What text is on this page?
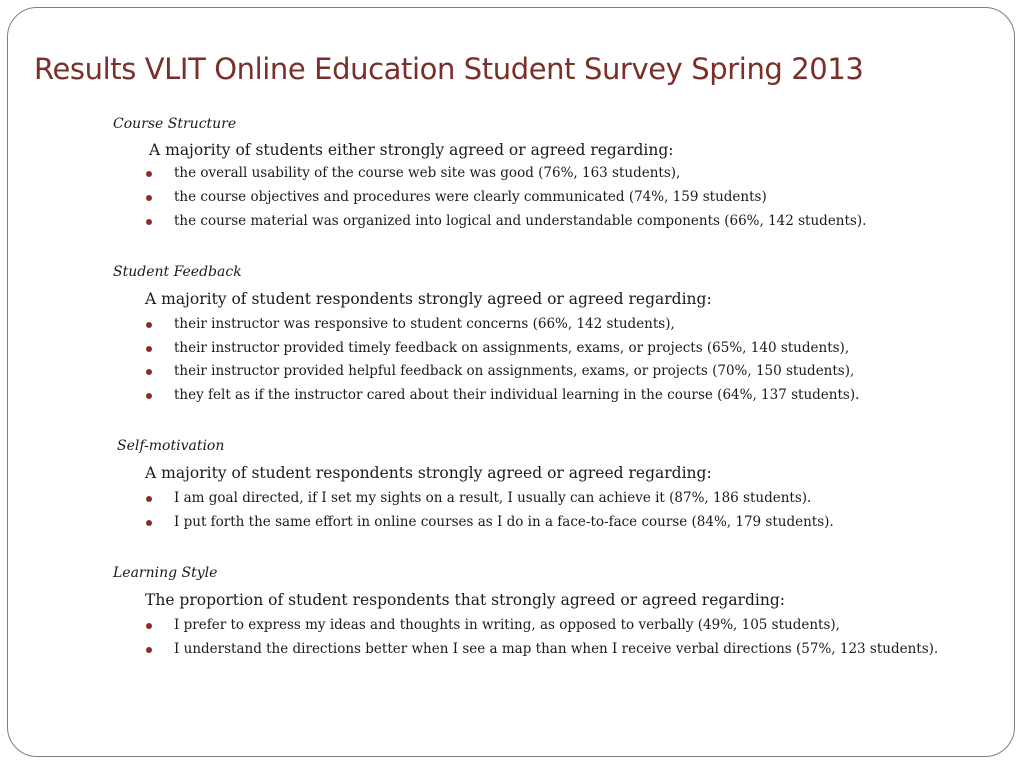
Results VLIT Online Education Student Survey Spring 2013
Course Structure
A majority of students either strongly agreed or agreed regarding:
the overall usability of the course web site was good (76%, 163 students),
the course objectives and procedures were clearly communicated (74%, 159 students)
the course material was organized into logical and understandable components (66%, 142 students).
Student Feedback
A majority of student respondents strongly agreed or agreed regarding:
their instructor was responsive to student concerns (66%, 142 students),
their instructor provided timely feedback on assignments, exams, or projects (65%, 140 students),
their instructor provided helpful feedback on assignments, exams, or projects (70%, 150 students),
they felt as if the instructor cared about their individual learning in the course (64%, 137 students).
Self-motivation
A majority of student respondents strongly agreed or agreed regarding:
I am goal directed, if I set my sights on a result, I usually can achieve it (87%, 186 students).
I put forth the same effort in online courses as I do in a face-to-face course (84%, 179 students).
Learning Style
The proportion of student respondents that strongly agreed or agreed regarding:
I prefer to express my ideas and thoughts in writing, as opposed to verbally (49%, 105 students),
I understand the directions better when I see a map than when I receive verbal directions (57%, 123 students).
